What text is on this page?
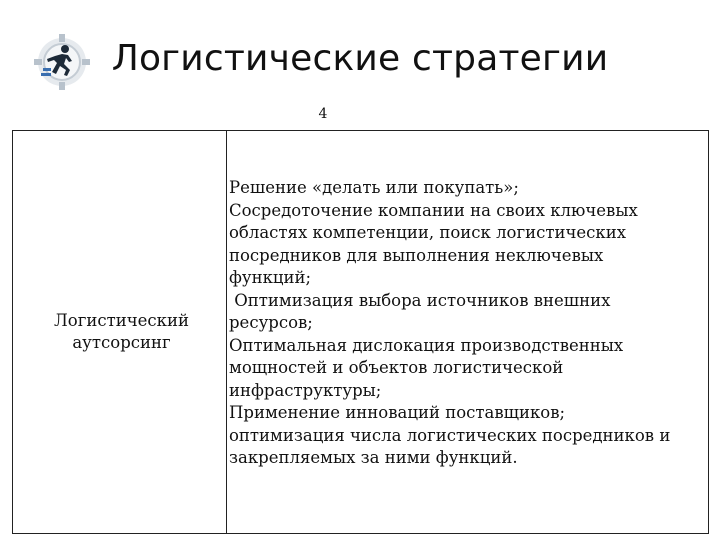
Логистические стратегии
4
Логистический аутсорсинг
Решение «делать или покупать»;
Сосредоточение компании на своих ключевых
областях компетенции, поиск логистических
посредников для выполнения неключевых
функций;
Оптимизация выбора источников внешних
ресурсов;
Оптимальная дислокация производственных
мощностей и объектов логистической
инфраструктуры;
Применение инноваций поставщиков;
оптимизация числа логистических посредников и
закрепляемых за ними функций.
